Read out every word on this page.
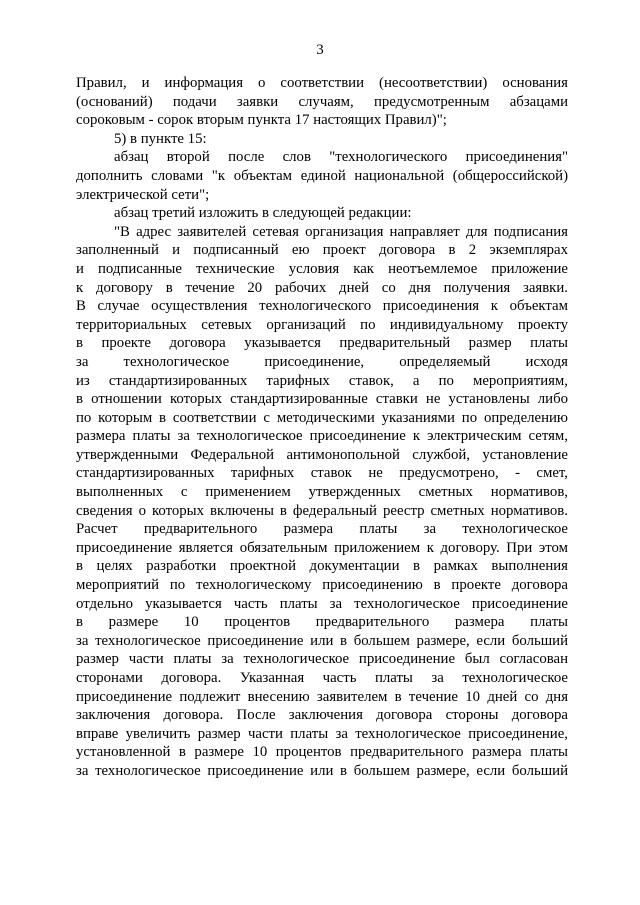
3
Правил, и информация о соответствии (несоответствии) основания
(оснований) подачи заявки случаям, предусмотренным абзацами
сороковым - сорок вторым пункта 17 настоящих Правил)";
5) в пункте 15:
абзац второй после слов "технологического присоединения"
дополнить словами "к объектам единой национальной (общероссийской)
электрической сети";
абзац третий изложить в следующей редакции:
"В адрес заявителей сетевая организация направляет для подписания
заполненный и подписанный ею проект договора в 2 экземплярах
и подписанные технические условия как неотъемлемое приложение
к договору в течение 20 рабочих дней со дня получения заявки.
В случае осуществления технологического присоединения к объектам
территориальных сетевых организаций по индивидуальному проекту
в проекте договора указывается предварительный размер платы
за технологическое присоединение, определяемый исходя
из стандартизированных тарифных ставок, а по мероприятиям,
в отношении которых стандартизированные ставки не установлены либо
по которым в соответствии с методическими указаниями по определению
размера платы за технологическое присоединение к электрическим сетям,
утвержденными Федеральной антимонопольной службой, установление
стандартизированных тарифных ставок не предусмотрено, - смет,
выполненных с применением утвержденных сметных нормативов,
сведения о которых включены в федеральный реестр сметных нормативов.
Расчет предварительного размера платы за технологическое
присоединение является обязательным приложением к договору. При этом
в целях разработки проектной документации в рамках выполнения
мероприятий по технологическому присоединению в проекте договора
отдельно указывается часть платы за технологическое присоединение
в размере 10 процентов предварительного размера платы
за технологическое присоединение или в большем размере, если больший
размер части платы за технологическое присоединение был согласован
сторонами договора. Указанная часть платы за технологическое
присоединение подлежит внесению заявителем в течение 10 дней со дня
заключения договора. После заключения договора стороны договора
вправе увеличить размер части платы за технологическое присоединение,
установленной в размере 10 процентов предварительного размера платы
за технологическое присоединение или в большем размере, если больший
